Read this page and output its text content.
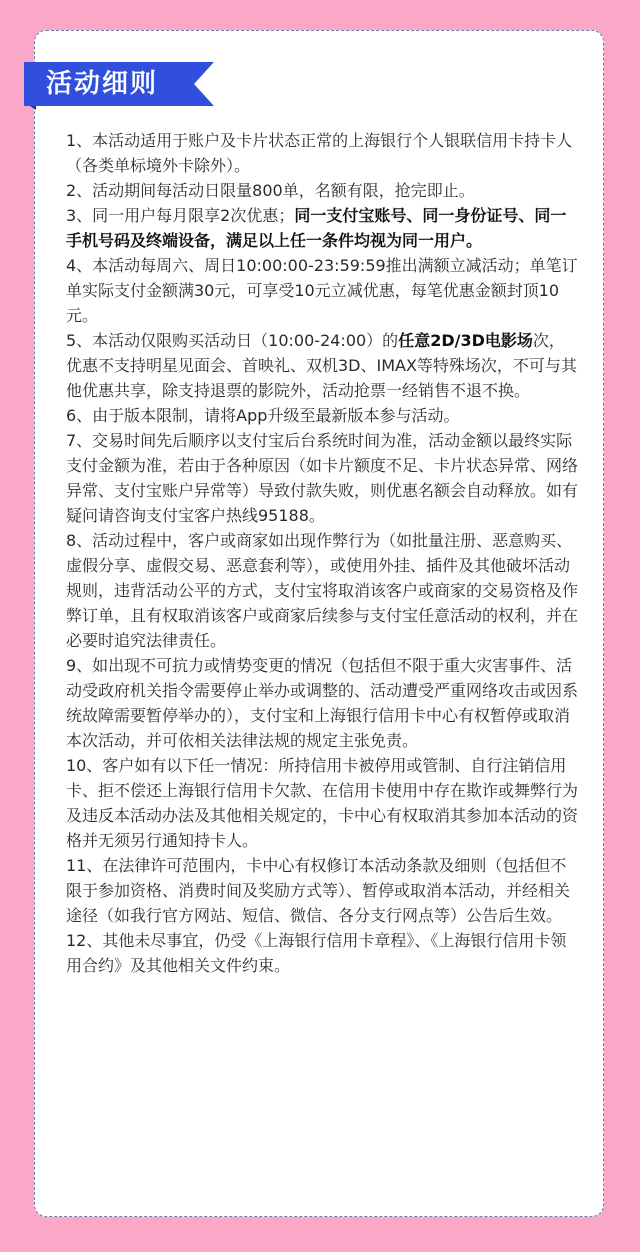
活动细则

1、本活动适用于账户及卡片状态正常的上海银行个人银联信用卡持卡人（各类单标境外卡除外）。

2、活动期间每活动日限量800单，名额有限，抢完即止。

3、同一用户每月限享2次优惠；同一支付宝账号、同一身份证号、同一手机号码及终端设备，满足以上任一条件均视为同一用户。

4、本活动每周六、周日10:00:00-23:59:59推出满额立减活动；单笔订单实际支付金额满30元，可享受10元立减优惠，每笔优惠金额封顶10元。

5、本活动仅限购买活动日（10:00-24:00）的任意2D/3D电影场次，优惠不支持明星见面会、首映礼、双机3D、IMAX等特殊场次，不可与其他优惠共享，除支持退票的影院外，活动抢票一经销售不退不换。

6、由于版本限制，请将App升级至最新版本参与活动。

7、交易时间先后顺序以支付宝后台系统时间为准，活动金额以最终实际支付金额为准，若由于各种原因（如卡片额度不足、卡片状态异常、网络异常、支付宝账户异常等）导致付款失败，则优惠名额会自动释放。如有疑问请咨询支付宝客户热线95188。

8、活动过程中，客户或商家如出现作弊行为（如批量注册、恶意购买、虚假分享、虚假交易、恶意套利等），或使用外挂、插件及其他破坏活动规则，违背活动公平的方式，支付宝将取消该客户或商家的交易资格及作弊订单，且有权取消该客户或商家后续参与支付宝任意活动的权利，并在必要时追究法律责任。

9、如出现不可抗力或情势变更的情况（包括但不限于重大灾害事件、活动受政府机关指令需要停止举办或调整的、活动遭受严重网络攻击或因系统故障需要暂停举办的），支付宝和上海银行信用卡中心有权暂停或取消本次活动，并可依相关法律法规的规定主张免责。

10、客户如有以下任一情况：所持信用卡被停用或管制、自行注销信用卡、拒不偿还上海银行信用卡欠款、在信用卡使用中存在欺诈或舞弊行为及违反本活动办法及其他相关规定的，卡中心有权取消其参加本活动的资格并无须另行通知持卡人。

11、在法律许可范围内，卡中心有权修订本活动条款及细则（包括但不限于参加资格、消费时间及奖励方式等）、暂停或取消本活动，并经相关途径（如我行官方网站、短信、微信、各分支行网点等）公告后生效。

12、其他未尽事宜，仍受《上海银行信用卡章程》、《上海银行信用卡领用合约》及其他相关文件约束。
